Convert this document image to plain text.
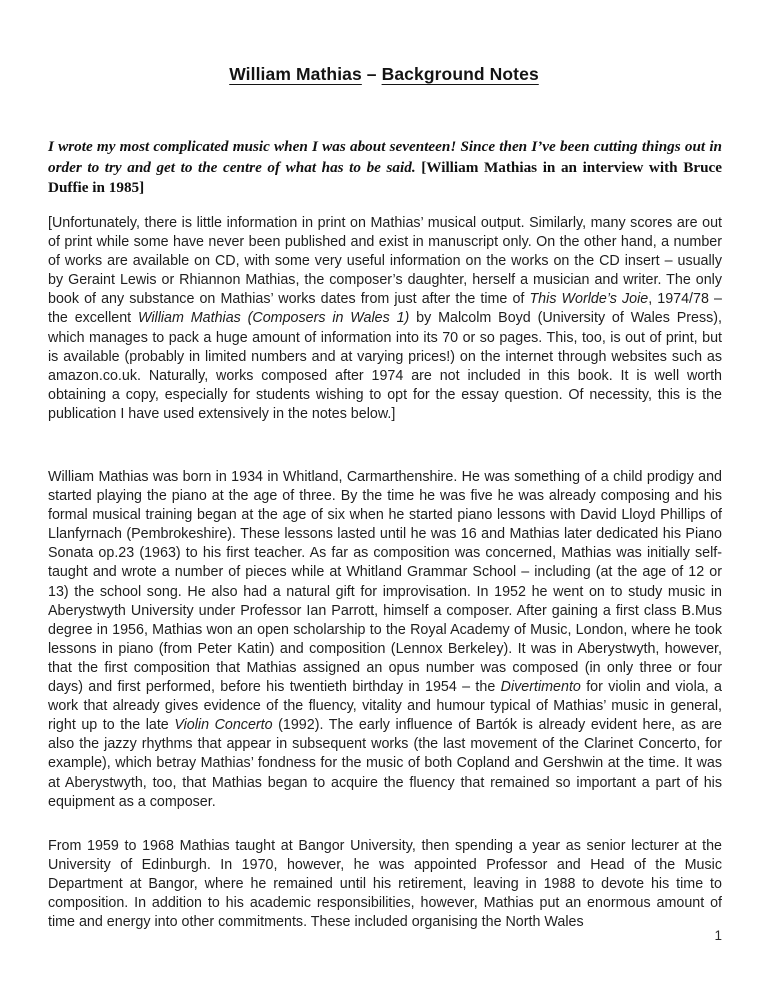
William Mathias – Background Notes
I wrote my most complicated music when I was about seventeen! Since then I’ve been cutting things out in order to try and get to the centre of what has to be said. [William Mathias in an interview with Bruce Duffie in 1985]
[Unfortunately, there is little information in print on Mathias’ musical output. Similarly, many scores are out of print while some have never been published and exist in manuscript only. On the other hand, a number of works are available on CD, with some very useful information on the works on the CD insert – usually by Geraint Lewis or Rhiannon Mathias, the composer’s daughter, herself a musician and writer. The only book of any substance on Mathias’ works dates from just after the time of This Worlde’s Joie, 1974/78 – the excellent William Mathias (Composers in Wales 1) by Malcolm Boyd (University of Wales Press), which manages to pack a huge amount of information into its 70 or so pages. This, too, is out of print, but is available (probably in limited numbers and at varying prices!) on the internet through websites such as amazon.co.uk. Naturally, works composed after 1974 are not included in this book. It is well worth obtaining a copy, especially for students wishing to opt for the essay question. Of necessity, this is the publication I have used extensively in the notes below.]
William Mathias was born in 1934 in Whitland, Carmarthenshire. He was something of a child prodigy and started playing the piano at the age of three. By the time he was five he was already composing and his formal musical training began at the age of six when he started piano lessons with David Lloyd Phillips of Llanfyrnach (Pembrokeshire). These lessons lasted until he was 16 and Mathias later dedicated his Piano Sonata op.23 (1963) to his first teacher. As far as composition was concerned, Mathias was initially self-taught and wrote a number of pieces while at Whitland Grammar School – including (at the age of 12 or 13) the school song. He also had a natural gift for improvisation. In 1952 he went on to study music in Aberystwyth University under Professor Ian Parrott, himself a composer. After gaining a first class B.Mus degree in 1956, Mathias won an open scholarship to the Royal Academy of Music, London, where he took lessons in piano (from Peter Katin) and composition (Lennox Berkeley). It was in Aberystwyth, however, that the first composition that Mathias assigned an opus number was composed (in only three or four days) and first performed, before his twentieth birthday in 1954 – the Divertimento for violin and viola, a work that already gives evidence of the fluency, vitality and humour typical of Mathias’ music in general, right up to the late Violin Concerto (1992). The early influence of Bartók is already evident here, as are also the jazzy rhythms that appear in subsequent works (the last movement of the Clarinet Concerto, for example), which betray Mathias’ fondness for the music of both Copland and Gershwin at the time. It was at Aberystwyth, too, that Mathias began to acquire the fluency that remained so important a part of his equipment as a composer.
From 1959 to 1968 Mathias taught at Bangor University, then spending a year as senior lecturer at the University of Edinburgh. In 1970, however, he was appointed Professor and Head of the Music Department at Bangor, where he remained until his retirement, leaving in 1988 to devote his time to composition. In addition to his academic responsibilities, however, Mathias put an enormous amount of time and energy into other commitments. These included organising the North Wales
1
